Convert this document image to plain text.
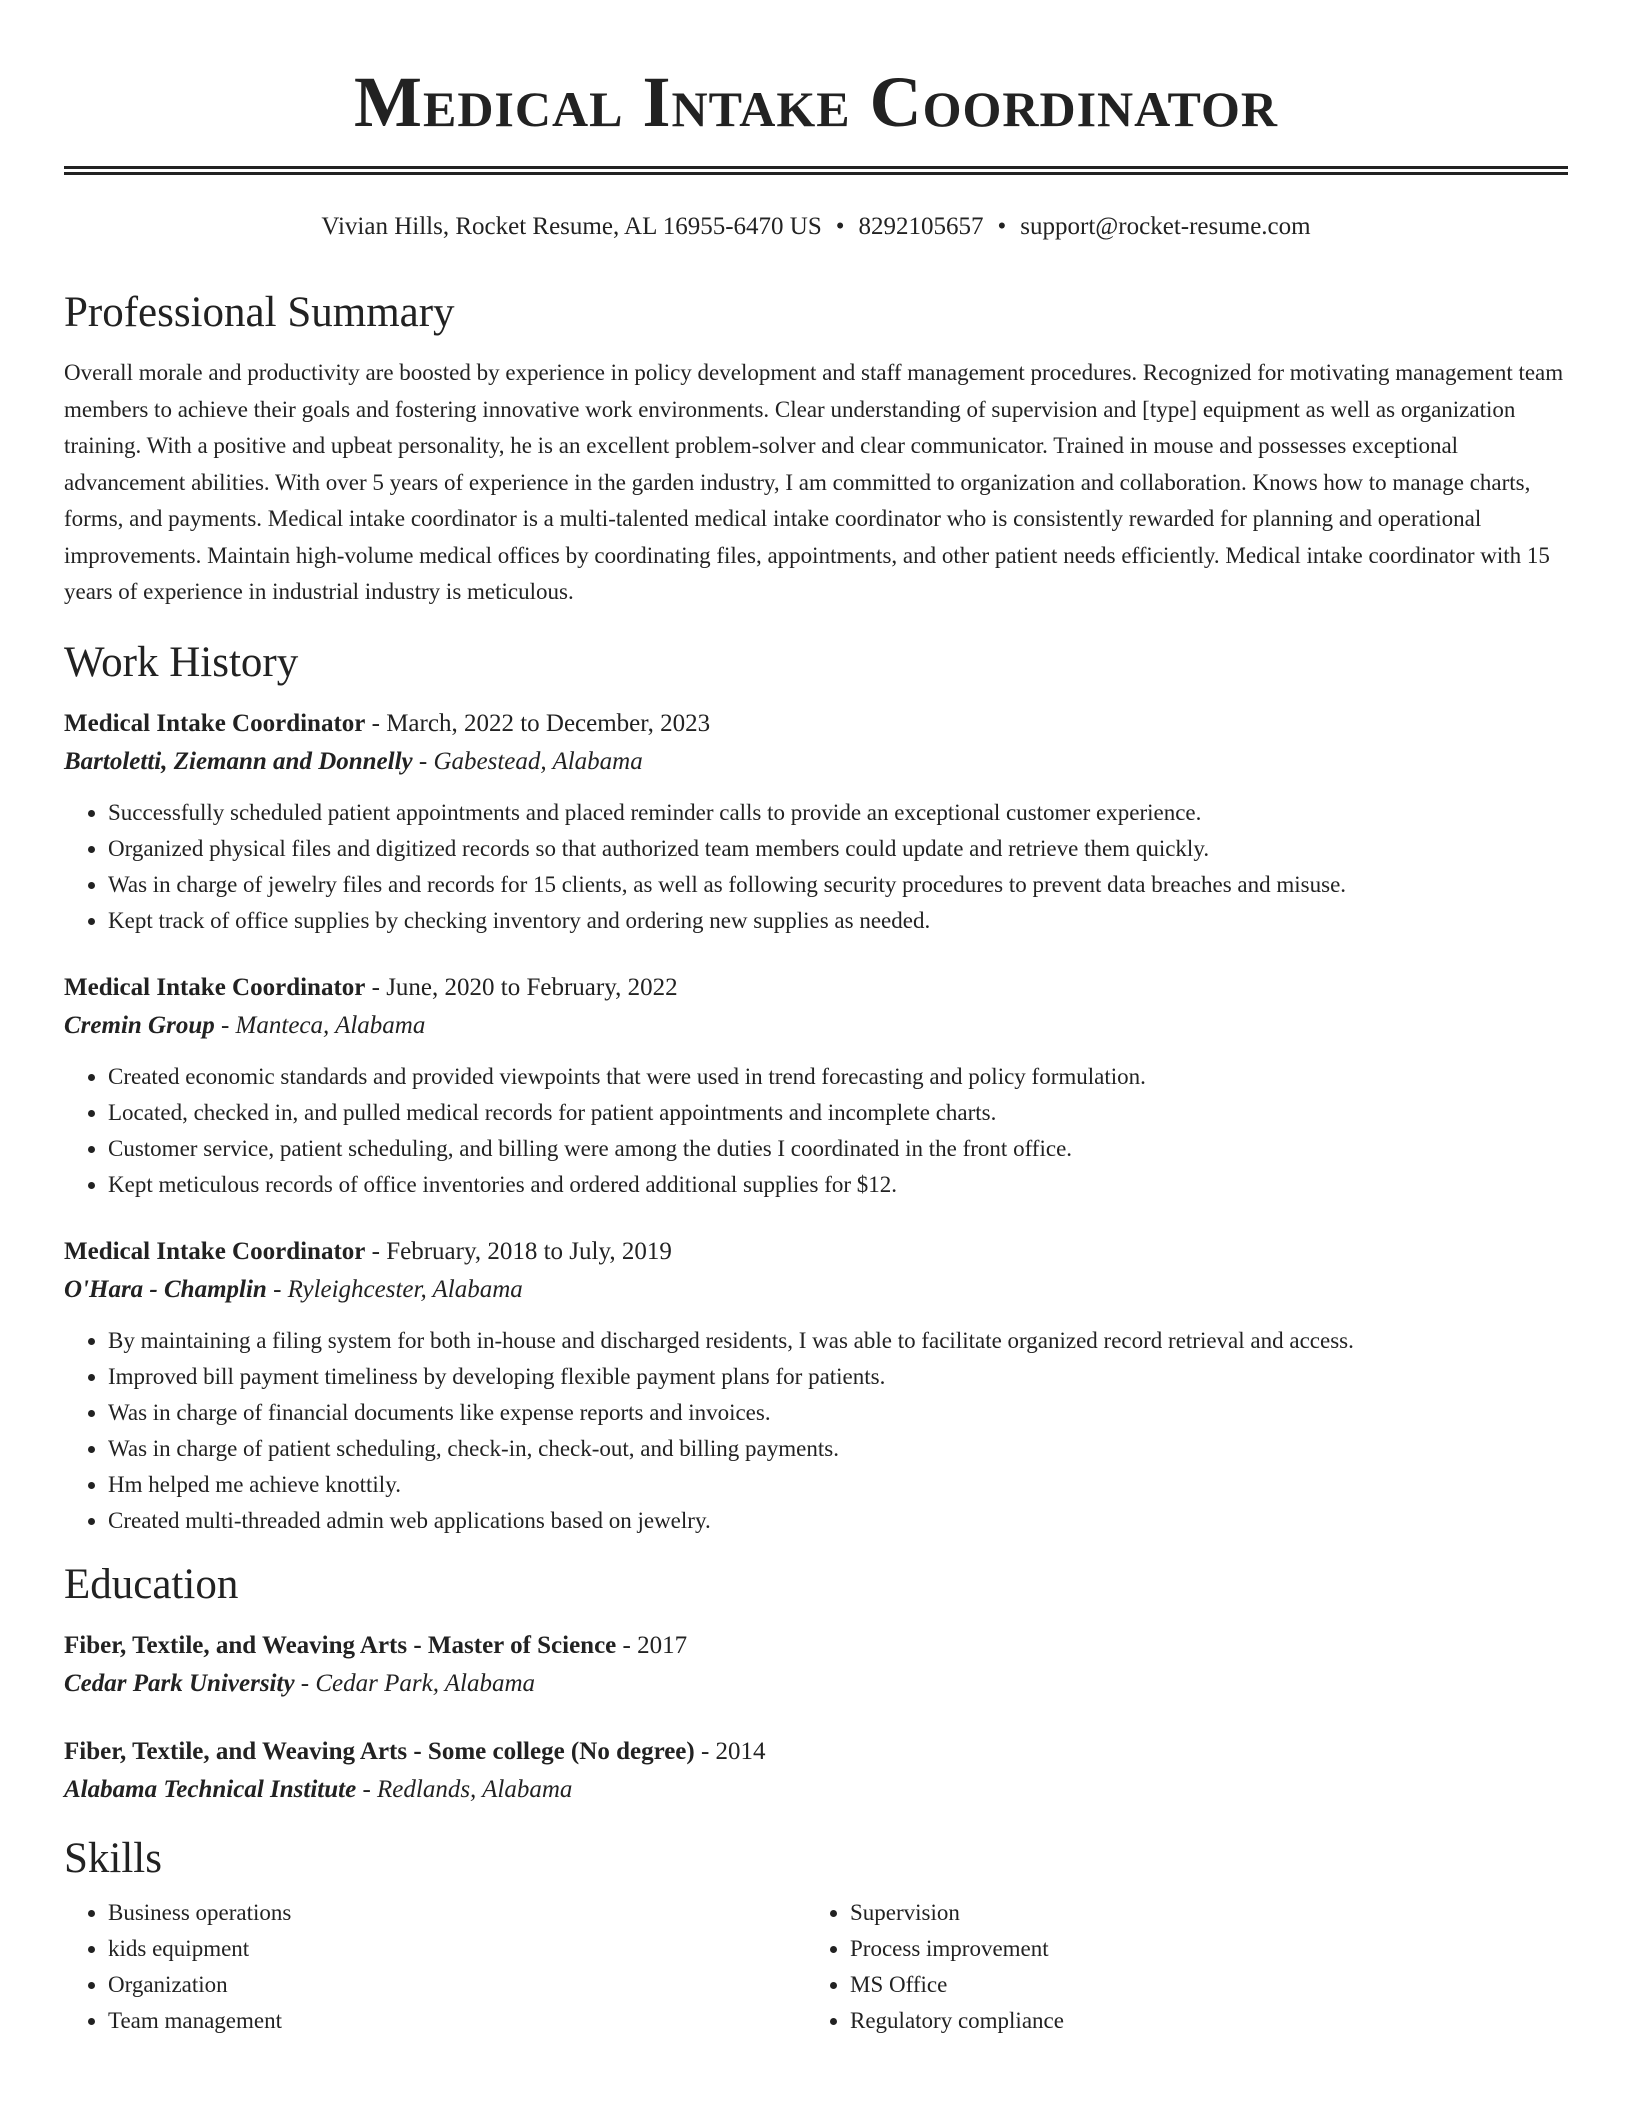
Medical Intake Coordinator
Vivian Hills, Rocket Resume, AL 16955-6470 US • 8292105657 • support@rocket-resume.com
Professional Summary
Overall morale and productivity are boosted by experience in policy development and staff management procedures. Recognized for motivating management team members to achieve their goals and fostering innovative work environments. Clear understanding of supervision and [type] equipment as well as organization training. With a positive and upbeat personality, he is an excellent problem-solver and clear communicator. Trained in mouse and possesses exceptional advancement abilities. With over 5 years of experience in the garden industry, I am committed to organization and collaboration. Knows how to manage charts, forms, and payments. Medical intake coordinator is a multi-talented medical intake coordinator who is consistently rewarded for planning and operational improvements. Maintain high-volume medical offices by coordinating files, appointments, and other patient needs efficiently. Medical intake coordinator with 15 years of experience in industrial industry is meticulous.
Work History
Medical Intake Coordinator - March, 2022 to December, 2023
Bartoletti, Ziemann and Donnelly - Gabestead, Alabama
• Successfully scheduled patient appointments and placed reminder calls to provide an exceptional customer experience.
• Organized physical files and digitized records so that authorized team members could update and retrieve them quickly.
• Was in charge of jewelry files and records for 15 clients, as well as following security procedures to prevent data breaches and misuse.
• Kept track of office supplies by checking inventory and ordering new supplies as needed.
Medical Intake Coordinator - June, 2020 to February, 2022
Cremin Group - Manteca, Alabama
• Created economic standards and provided viewpoints that were used in trend forecasting and policy formulation.
• Located, checked in, and pulled medical records for patient appointments and incomplete charts.
• Customer service, patient scheduling, and billing were among the duties I coordinated in the front office.
• Kept meticulous records of office inventories and ordered additional supplies for $12.
Medical Intake Coordinator - February, 2018 to July, 2019
O'Hara - Champlin - Ryleighcester, Alabama
• By maintaining a filing system for both in-house and discharged residents, I was able to facilitate organized record retrieval and access.
• Improved bill payment timeliness by developing flexible payment plans for patients.
• Was in charge of financial documents like expense reports and invoices.
• Was in charge of patient scheduling, check-in, check-out, and billing payments.
• Hm helped me achieve knottily.
• Created multi-threaded admin web applications based on jewelry.
Education
Fiber, Textile, and Weaving Arts - Master of Science - 2017
Cedar Park University - Cedar Park, Alabama
Fiber, Textile, and Weaving Arts - Some college (No degree) - 2014
Alabama Technical Institute - Redlands, Alabama
Skills
• Business operations
• kids equipment
• Organization
• Team management
• Supervision
• Process improvement
• MS Office
• Regulatory compliance
